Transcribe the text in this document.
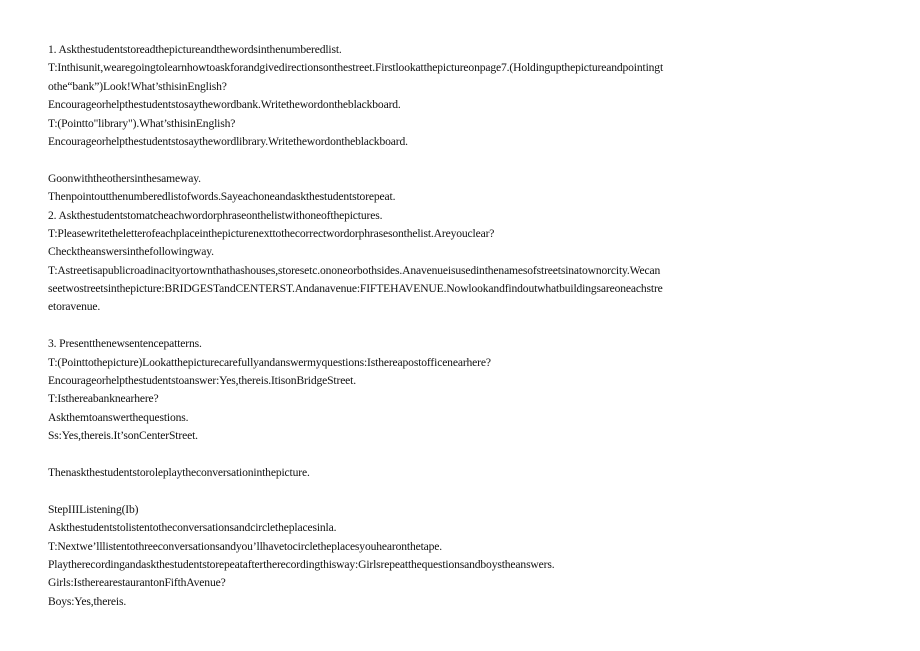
1. Askthestudentstoreadthepictureandthewordsinthenumberedlist.
T:Inthisunit,wearegoingtolearnhowtoaskforandgivedirectionsonthestreet.Firstlookatthepictureonpage7.(Holdingupthepictureandpointingt
othe“bank”)Look!What’sthisinEnglish?
Encourageorhelpthestudentstosaythewordbank.Writethewordontheblackboard.
T:(Pointto"library").What’sthisinEnglish?
Encourageorhelpthestudentstosaythewordlibrary.Writethewordontheblackboard.
Goonwiththeothersinthesameway.
Thenpointoutthenumberedlistofwords.Sayeachoneandaskthestudentstorepeat.
2. Askthestudentstomatcheachwordorphraseonthelistwithoneofthepictures.
T:Pleasewritetheletterofeachplaceinthepicturenexttothecorrectwordorphrasesonthelist.Areyouclear?
Checktheanswersinthefollowingway.
T:Astreetisapublicroadinacityortownthathashouses,storesetc.ononeorbothsides.Anavenueisusedinthenamesofstreetsinatownorcity.Wecan
seetwostreetsinthepicture:BRIDGESTandCENTERST.Andanavenue:FIFTEHAVENUE.Nowlookandfindoutwhatbuildingsareoneachstre
etoravenue.
3. Presentthenewsentencepatterns.
T:(Pointtothepicture)Lookatthepicturecarefullyandanswermyquestions:Isthereapostofficenearhere?
Encourageorhelpthestudentstoanswer:Yes,thereis.ItisonBridgeStreet.
T:Isthereabanknearhere?
Askthemtoanswerthequestions.
Ss:Yes,thereis.It’sonCenterStreet.
Thenaskthestudentstoroleplaytheconversationinthepicture.
StepIIIListening(Ib)
Askthestudentstolistentotheconversationsandcircletheplacesinla.
T:Nextwe’lllistentothreeconversationsandyou’llhavetocircletheplacesyouhearonthetape.
Playtherecordingandaskthestudentstorepeataftertherecordingthisway:Girlsrepeatthequestionsandboystheanswers.
Girls:IstherearestaurantonFifthAvenue?
Boys:Yes,thereis.
